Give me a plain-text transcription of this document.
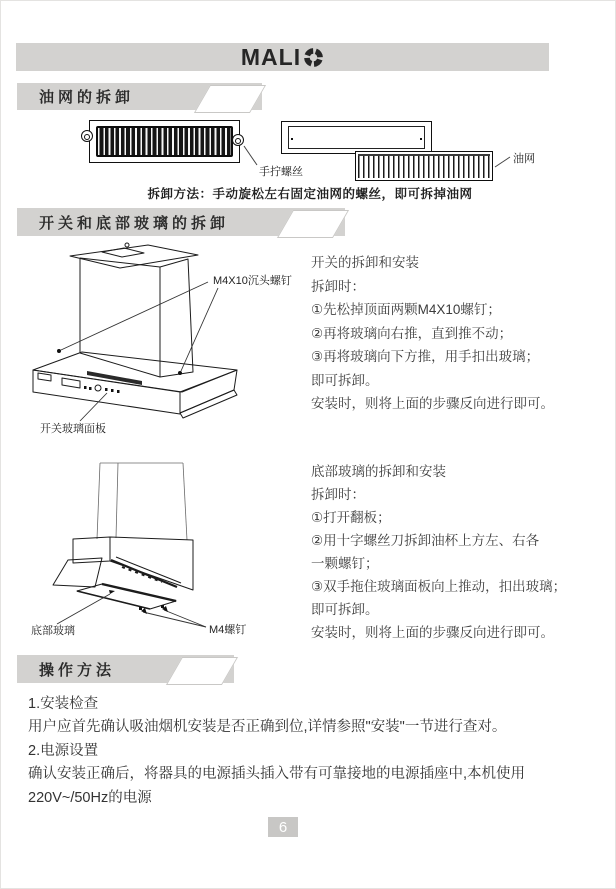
MALI
油网的拆卸
手拧螺丝
油网
拆卸方法：手动旋松左右固定油网的螺丝，即可拆掉油网
开关和底部玻璃的拆卸
M4X10沉头螺钉
开关玻璃面板
开关的拆卸和安装
拆卸时：
①先松掉顶面两颗M4X10螺钉；
②再将玻璃向右推，直到推不动；
③再将玻璃向下方推，用手扣出玻璃；
即可拆卸。
安装时，则将上面的步骤反向进行即可。
底部玻璃	M4螺钉
底部玻璃的拆卸和安装
拆卸时：
①打开翻板；
②用十字螺丝刀拆卸油杯上方左、右各
一颗螺钉；
③双手拖住玻璃面板向上推动，扣出玻璃；
即可拆卸。
安装时，则将上面的步骤反向进行即可。
操作方法
1.安装检查
用户应首先确认吸油烟机安装是否正确到位,详情参照"安装"一节进行查对。
2.电源设置
确认安装正确后，将器具的电源插头插入带有可靠接地的电源插座中,本机使用
220V~/50Hz的电源
6
